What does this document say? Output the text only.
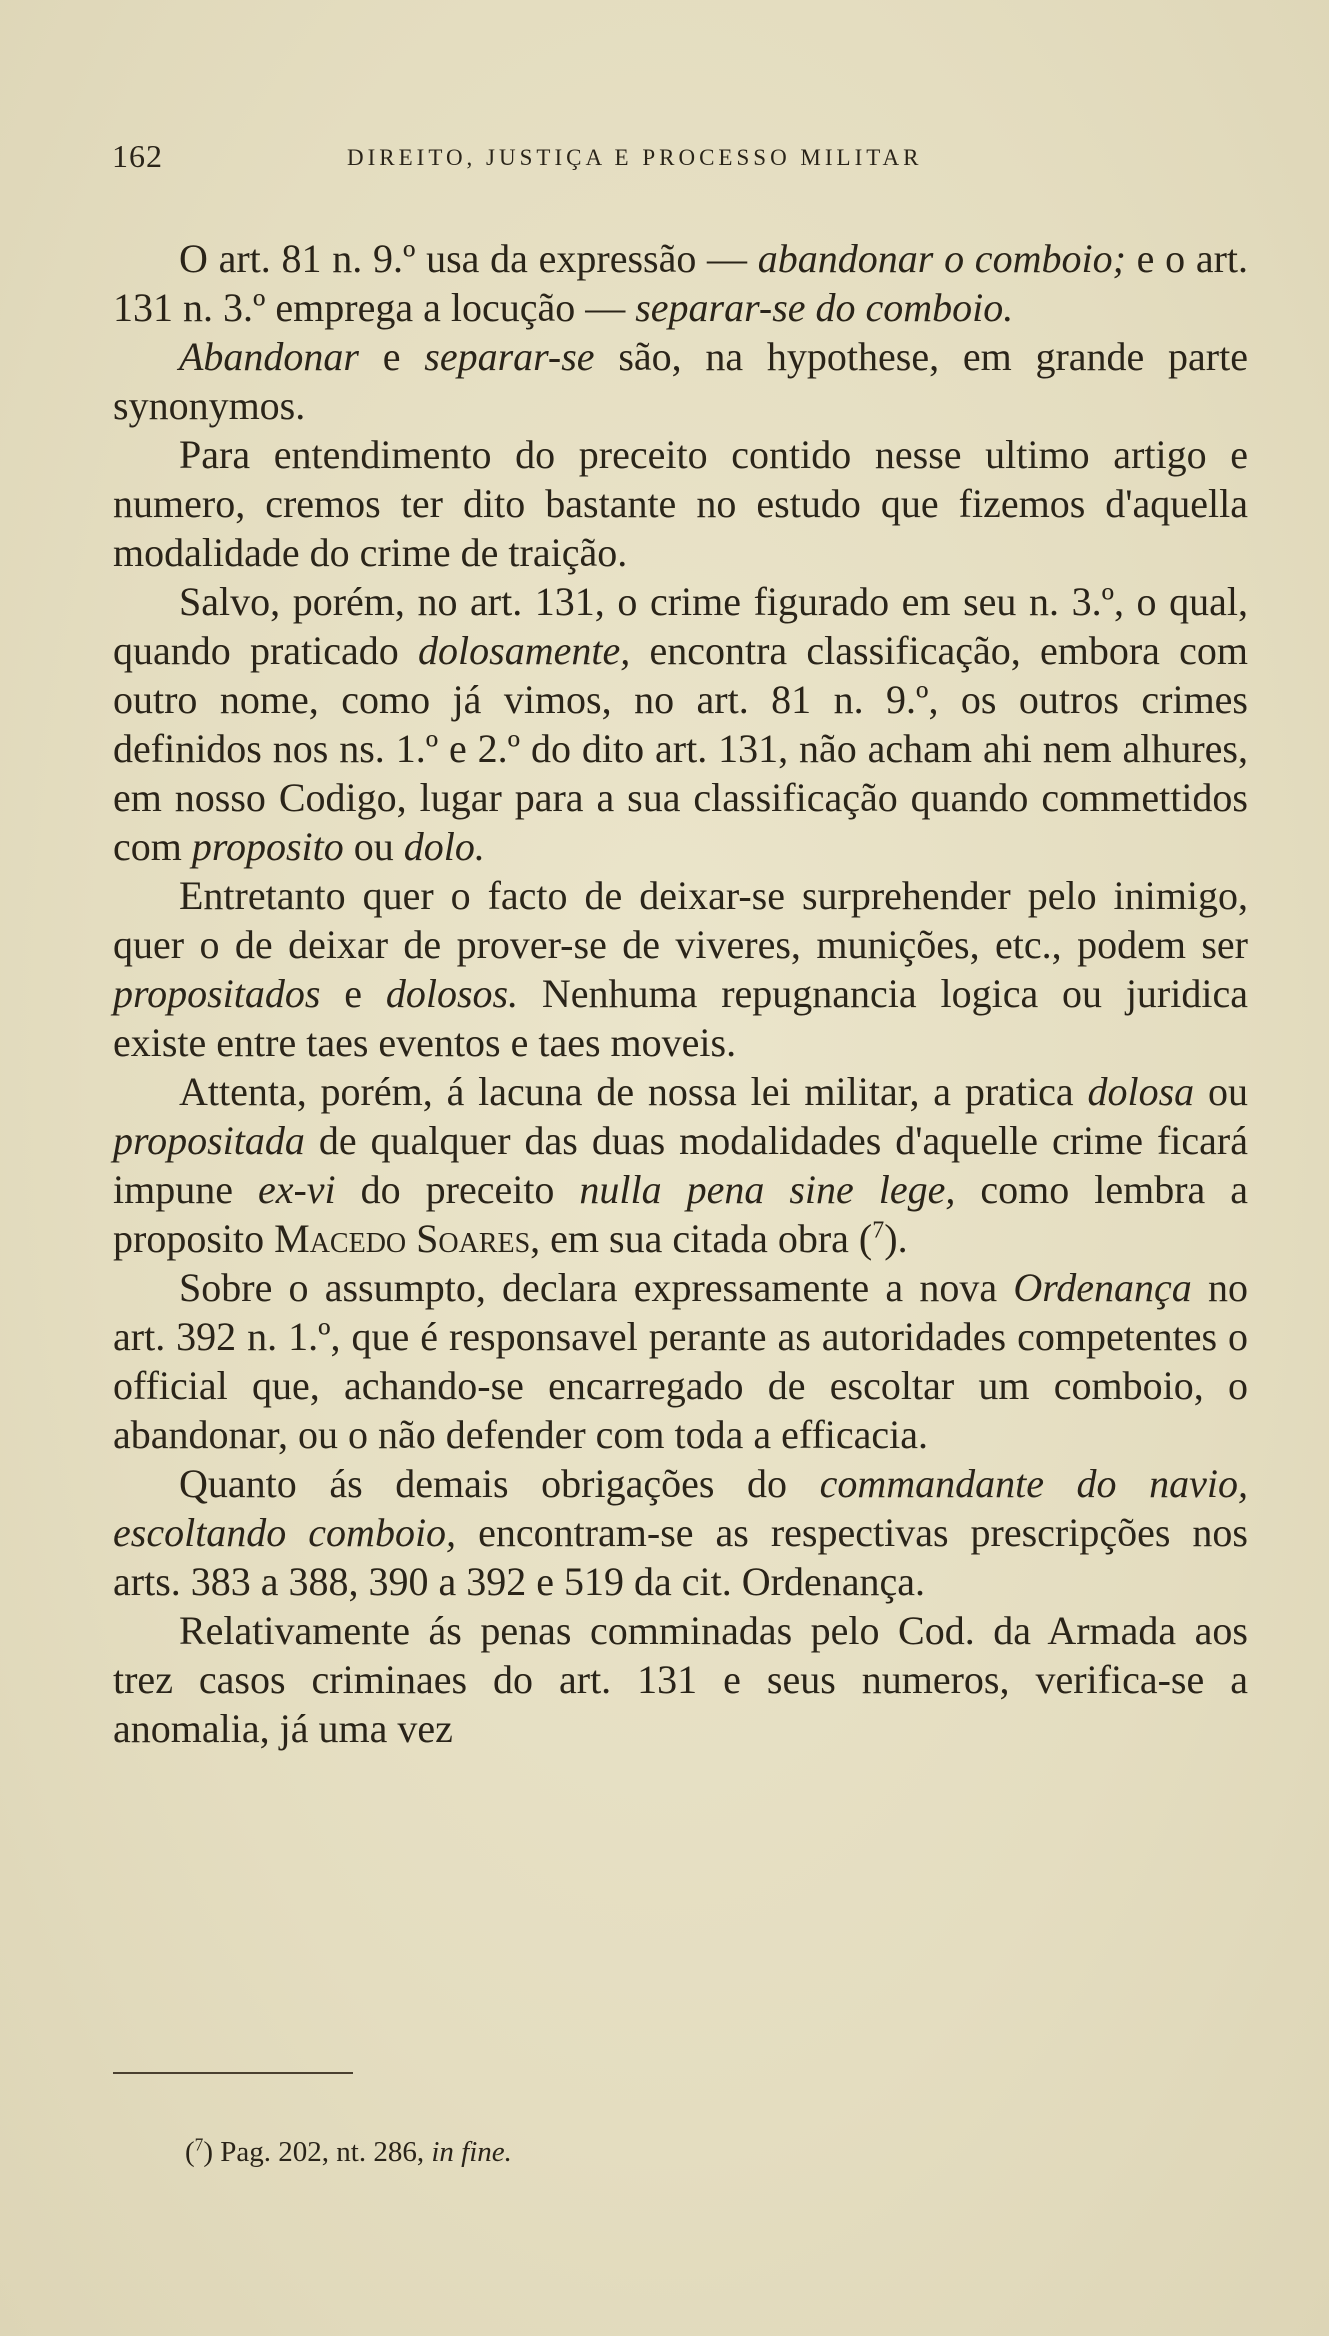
162	DIREITO, JUSTIÇA E PROCESSO MILITAR

O art. 81 n. 9.º usa da expressão — abandonar o comboio; e o art. 131 n. 3.º emprega a locução — separar-se do comboio.

Abandonar e separar-se são, na hypothese, em grande parte synonymos.

Para entendimento do preceito contido nesse ultimo artigo e numero, cremos ter dito bastante no estudo que fizemos d'aquella modalidade do crime de traição.

Salvo, porém, no art. 131, o crime figurado em seu n. 3.º, o qual, quando praticado dolosamente, encontra classificação, embora com outro nome, como já vimos, no art. 81 n. 9.º, os outros crimes definidos nos ns. 1.º e 2.º do dito art. 131, não acham ahi nem alhures, em nosso Codigo, lugar para a sua classificação quando commettidos com proposito ou dolo.

Entretanto quer o facto de deixar-se surprehender pelo inimigo, quer o de deixar de prover-se de viveres, munições, etc., podem ser propositados e dolosos. Nenhuma repugnancia logica ou juridica existe entre taes eventos e taes moveis.

Attenta, porém, á lacuna de nossa lei militar, a pratica dolosa ou propositada de qualquer das duas modalidades d'aquelle crime ficará impune ex-vi do preceito nulla pena sine lege, como lembra a proposito Macedo Soares, em sua citada obra ($^7$).

Sobre o assumpto, declara expressamente a nova Ordenança no art. 392 n. 1.º, que é responsavel perante as autoridades competentes o official que, achando-se encarregado de escoltar um comboio, o abandonar, ou o não defender com toda a efficacia.

Quanto ás demais obrigações do commandante do navio, escoltando comboio, encontram-se as respectivas prescripções nos arts. 383 a 388, 390 a 392 e 519 da cit. Ordenança.

Relativamente ás penas comminadas pelo Cod. da Armada aos trez casos criminaes do art. 131 e seus numeros, verifica-se a anomalia, já uma vez

($^7$) Pag. 202, nt. 286, in fine.
